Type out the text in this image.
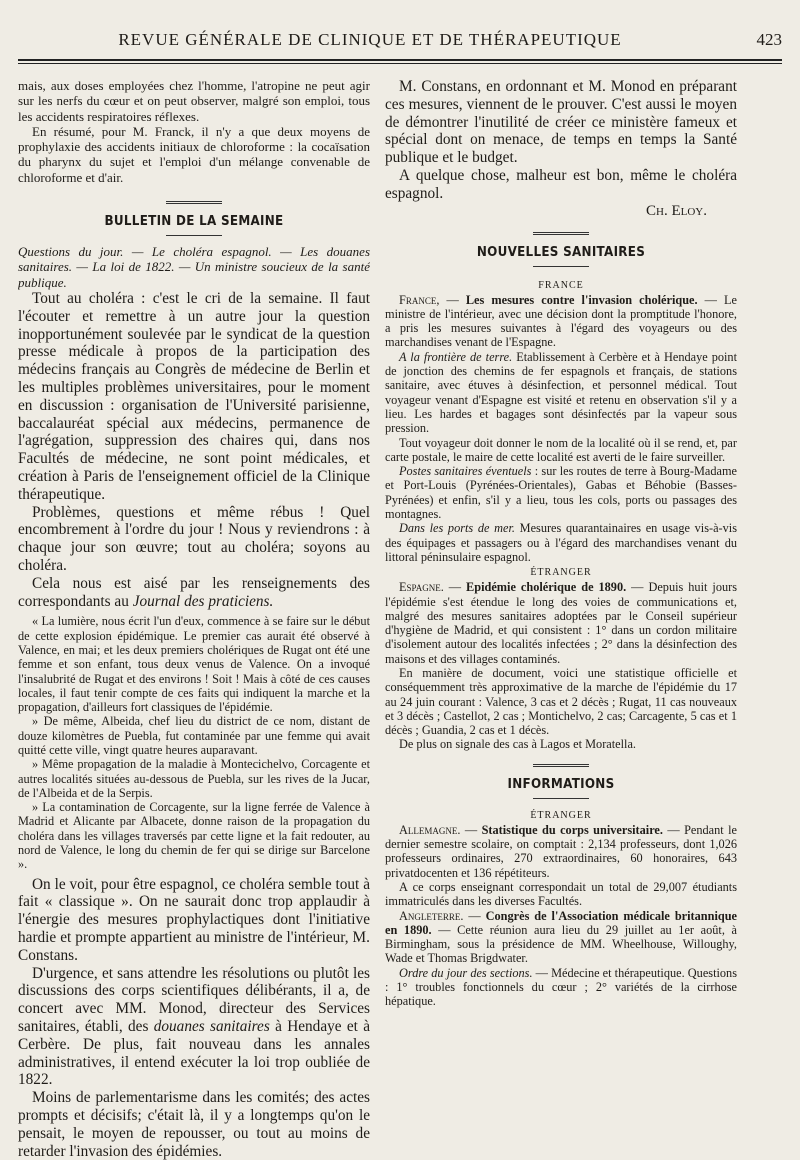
REVUE GÉNÉRALE DE CLINIQUE ET DE THÉRAPEUTIQUE	423

mais, aux doses employées chez l'homme, l'atropine ne peut agir sur les nerfs du cœur et on peut observer, malgré son emploi, tous les accidents respiratoires réflexes.

En résumé, pour M. Franck, il n'y a que deux moyens de prophylaxie des accidents initiaux de chloroforme : la cocaïsation du pharynx du sujet et l'emploi d'un mélange convenable de chloroforme et d'air.

BULLETIN DE LA SEMAINE

Questions du jour. — Le choléra espagnol. — Les douanes sanitaires. — La loi de 1822. — Un ministre soucieux de la santé publique.

Tout au choléra : c'est le cri de la semaine. Il faut l'écouter et remettre à un autre jour la question inopportunément soulevée par le syndicat de la question presse médicale à propos de la participation des médecins français au Congrès de médecine de Berlin et les multiples problèmes universitaires, pour le moment en discussion : organisation de l'Université parisienne, baccalauréat spécial aux médecins, permanence de l'agrégation, suppression des chaires qui, dans nos Facultés de médecine, ne sont point médicales, et création à Paris de l'enseignement officiel de la Clinique thérapeutique.

Problèmes, questions et même rébus ! Quel encombrement à l'ordre du jour ! Nous y reviendrons : à chaque jour son œuvre; tout au choléra; soyons au choléra.

Cela nous est aisé par les renseignements des correspondants au Journal des praticiens.

« La lumière, nous écrit l'un d'eux, commence à se faire sur le début de cette explosion épidémique. Le premier cas aurait été observé à Valence, en mai; et les deux premiers cholériques de Rugat ont été une femme et son enfant, tous deux venus de Valence. On a invoqué l'insalubrité de Rugat et des environs ! Soit ! Mais à côté de ces causes locales, il faut tenir compte de ces faits qui indiquent la marche et la propagation, d'ailleurs fort classiques de l'épidémie.

» De même, Albeida, chef lieu du district de ce nom, distant de douze kilomètres de Puebla, fut contaminée par une femme qui avait quitté cette ville, vingt quatre heures auparavant.

» Même propagation de la maladie à Montecichelvo, Corcagente et autres localités situées au-dessous de Puebla, sur les rives de la Jucar, de l'Albeida et de la Serpis.

» La contamination de Corcagente, sur la ligne ferrée de Valence à Madrid et Alicante par Albacete, donne raison de la propagation du choléra dans les villages traversés par cette ligne et la fait redouter, au nord de Valence, le long du chemin de fer qui se dirige sur Barcelone ».

On le voit, pour être espagnol, ce choléra semble tout à fait « classique ». On ne saurait donc trop applaudir à l'énergie des mesures prophylactiques dont l'initiative hardie et prompte appartient au ministre de l'intérieur, M. Constans.

D'urgence, et sans attendre les résolutions ou plutôt les discussions des corps scientifiques délibérants, il a, de concert avec MM. Monod, directeur des Services sanitaires, établi, des douanes sanitaires à Hendaye et à Cerbère. De plus, fait nouveau dans les annales administratives, il entend exécuter la loi trop oubliée de 1822.

Moins de parlementarisme dans les comités; des actes prompts et décisifs; c'était là, il y a longtemps qu'on le pensait, le moyen de repousser, ou tout au moins de retarder l'invasion des épidémies.

M. Constans, en ordonnant et M. Monod en préparant ces mesures, viennent de le prouver. C'est aussi le moyen de démontrer l'inutilité de créer ce ministère fameux et spécial dont on menace, de temps en temps la Santé publique et le budget.

A quelque chose, malheur est bon, même le choléra espagnol.

Ch. Eloy.
NOUVELLES SANITAIRES
FRANCE

France, — Les mesures contre l'invasion cholérique. — Le ministre de l'intérieur, avec une décision dont la promptitude l'honore, a pris les mesures suivantes à l'égard des voyageurs ou des marchandises venant de l'Espagne.

A la frontière de terre. Etablissement à Cerbère et à Hendaye point de jonction des chemins de fer espagnols et français, de stations sanitaire, avec étuves à désinfection, et personnel médical. Tout voyageur venant d'Espagne est visité et retenu en observation s'il y a lieu. Les hardes et bagages sont désinfectés par la vapeur sous pression.

Tout voyageur doit donner le nom de la localité où il se rend, et, par carte postale, le maire de cette localité est averti de le faire surveiller.

Postes sanitaires éventuels : sur les routes de terre à Bourg-Madame et Port-Louis (Pyrénées-Orientales), Gabas et Béhobie (Basses-Pyrénées) et enfin, s'il y a lieu, tous les cols, ports ou passages des montagnes.

Dans les ports de mer. Mesures quarantainaires en usage vis-à-vis des équipages et passagers ou à l'égard des marchandises venant du littoral péninsulaire espagnol.

ÉTRANGER

Espagne. — Epidémie cholérique de 1890. — Depuis huit jours l'épidémie s'est étendue le long des voies de communications et, malgré des mesures sanitaires adoptées par le Conseil supérieur d'hygiène de Madrid, et qui consistent : 1° dans un cordon militaire d'isolement autour des localités infectées ; 2° dans la désinfection des maisons et des villages contaminés.

En manière de document, voici une statistique officielle et conséquemment très approximative de la marche de l'épidémie du 17 au 24 juin courant : Valence, 3 cas et 2 décès ; Rugat, 11 cas nouveaux et 3 décès ; Castellot, 2 cas ; Montichelvo, 2 cas; Carcagente, 5 cas et 1 décès ; Guandia, 2 cas et 1 décès.

De plus on signale des cas à Lagos et Moratella.

INFORMATIONS
ÉTRANGER

Allemagne. — Statistique du corps universitaire. — Pendant le dernier semestre scolaire, on comptait : 2,134 professeurs, dont 1,026 professeurs ordinaires, 270 extraordinaires, 60 honoraires, 643 privatdocenten et 136 répétiteurs.

A ce corps enseignant correspondait un total de 29,007 étudiants immatriculés dans les diverses Facultés.

Angleterre. — Congrès de l'Association médicale britannique en 1890. — Cette réunion aura lieu du 29 juillet au 1er août, à Birmingham, sous la présidence de MM. Wheelhouse, Willoughy, Wade et Thomas Brigdwater.

Ordre du jour des sections. — Médecine et thérapeutique. Questions : 1° troubles fonctionnels du cœur ; 2° variétés de la cirrhose hépatique.
